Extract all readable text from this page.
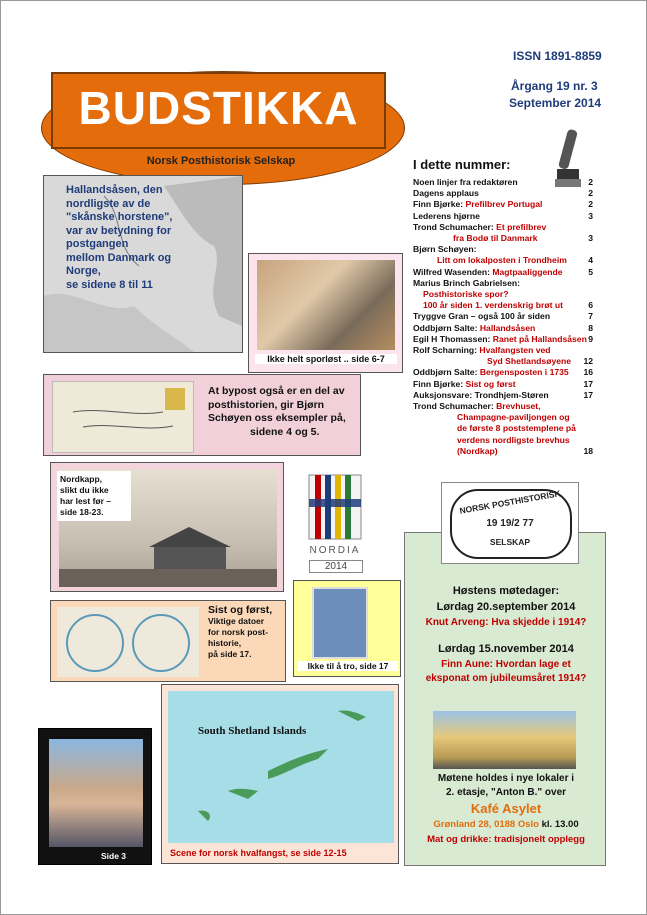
ISSN 1891-8859
Årgang 19 nr. 3
September 2014
BUDSTIKKA
Norsk Posthistorisk Selskap	I dette nummer:
Noen linjer fra redaktøren	2
Dagens applaus	2
Finn Bjørke: Prefilbrev Portugal	2
Lederens hjørne	3
Trond Schumacher: Et prefilbrev
fra Bodø til Danmark	3
Bjørn Schøyen:
Litt om lokalposten i Trondheim 4
Wilfred Wasenden: Magtpaaliggende	5
Marius Brinch Gabrielsen:
Posthistoriske spor?
100 år siden 1. verdenskrig brøt ut	6
Tryggve Gran – også 100 år siden	7
Oddbjørn Salte: Hallandsåsen	8
Egil H Thomassen: Ranet på Hallandsåsen 9
Rolf Scharning: Hvalfangsten ved
Syd Shetlandsøyene 12
Oddbjørn Salte: Bergensposten i 1735 16
Finn Bjørke: Sist og først	17
Auksjonsvare: Trondhjem-Støren	17
Trond Schumacher: Brevhuset,
Champagne-paviljongen og
de første 8 poststemplene på
verdens nordligste brevhus
(Nordkap)	18
Hallandsåsen, den
nordligste av de
"skånske horstene",
var av betydning for
postgangen
mellom Danmark og
Norge,
se sidene 8 til 11
Ikke helt sporløst .. side 6-7
At bypost også er en del av
posthistorien, gir Bjørn
Schøyen oss eksempler på,
sidene 4 og 5.
Nordkapp,
slikt du ikke
har lest før –
side 18-23.
NORDIA
2014
Sist og først,
Viktige datoer
for norsk post-
historie,
på side 17.
Ikke til å tro, side 17
South Shetland Islands
Scene for norsk hvalfangst, se side 12-15
Side 3
Høstens møtedager:
Lørdag 20.september 2014
Knut Arveng: Hva skjedde i 1914?
Lørdag 15.november 2014
Finn Aune: Hvordan lage et
eksponat om jubileumsåret 1914?
Møtene holdes i nye lokaler i
2. etasje, "Anton B." over
Kafé Asylet
Grønland 28, 0188 Oslo kl. 13.00
Mat og drikke: tradisjonelt opplegg
NORSK POSTHISTORISK
19 19/2 77
SELSKAP
